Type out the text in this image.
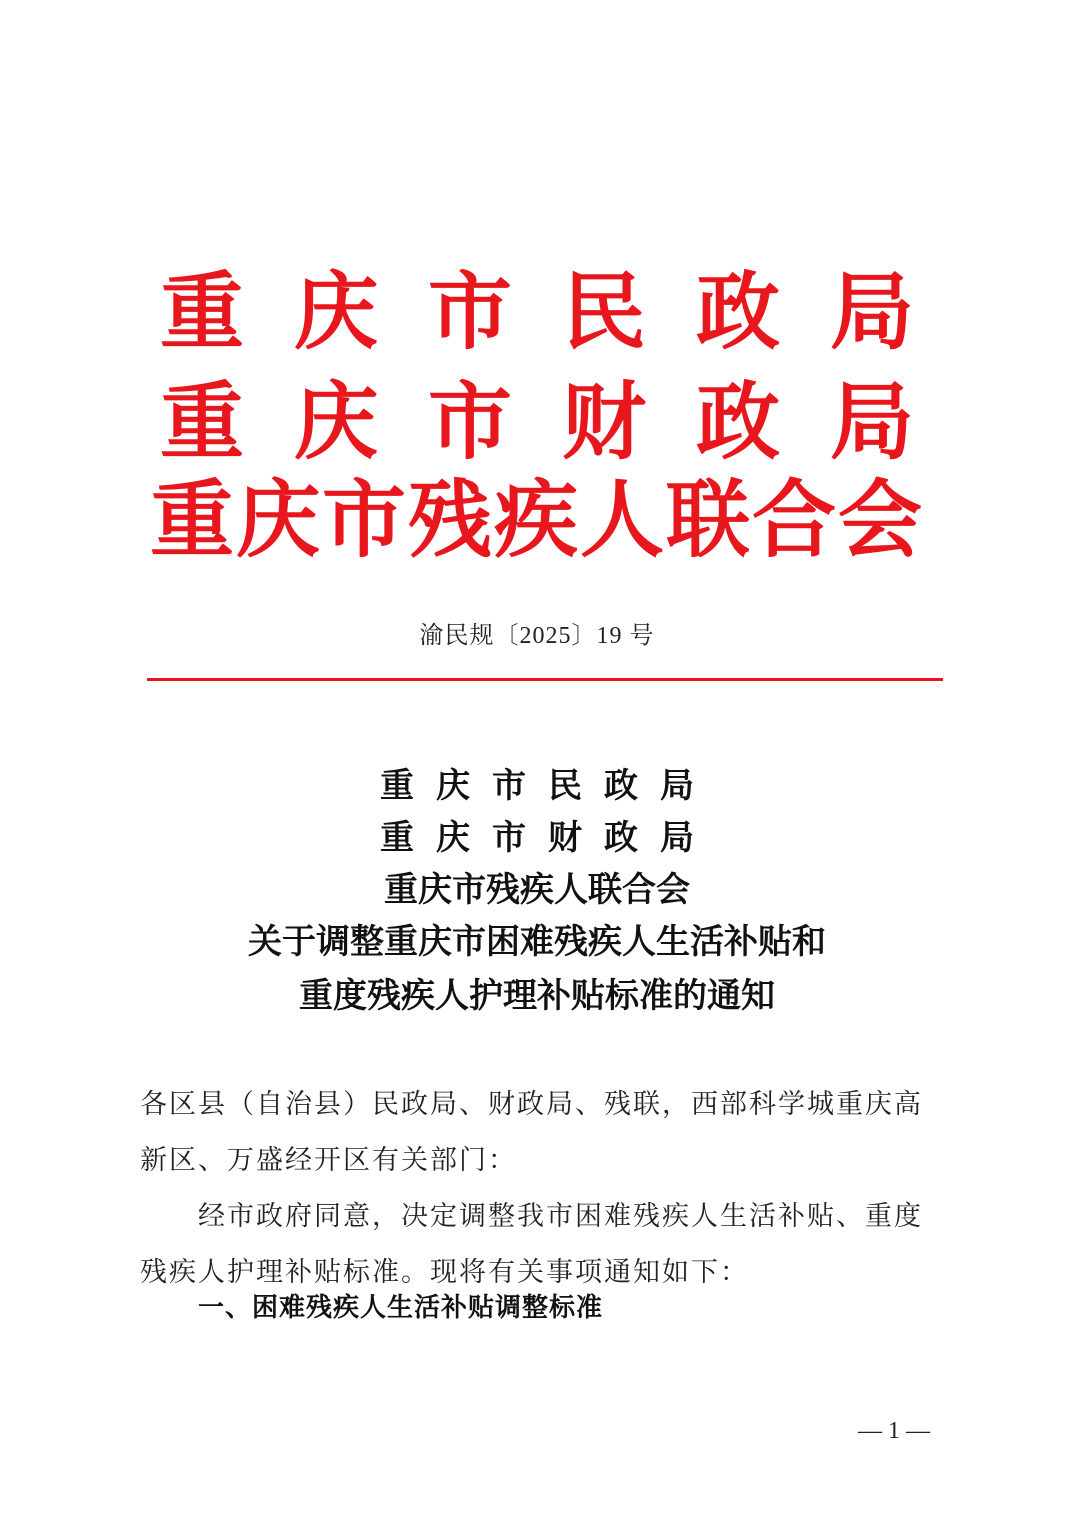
重庆市民政局
重庆市财政局
重庆市残疾人联合会
渝民规〔2025〕19 号
重庆市民政局
重庆市财政局
重庆市残疾人联合会
关于调整重庆市困难残疾人生活补贴和
重度残疾人护理补贴标准的通知

各区县（自治县）民政局、财政局、残联，西部科学城重庆高新区、万盛经开区有关部门：

经市政府同意，决定调整我市困难残疾人生活补贴、重度残疾人护理补贴标准。现将有关事项通知如下：

一、困难残疾人生活补贴调整标准
— 1 —
